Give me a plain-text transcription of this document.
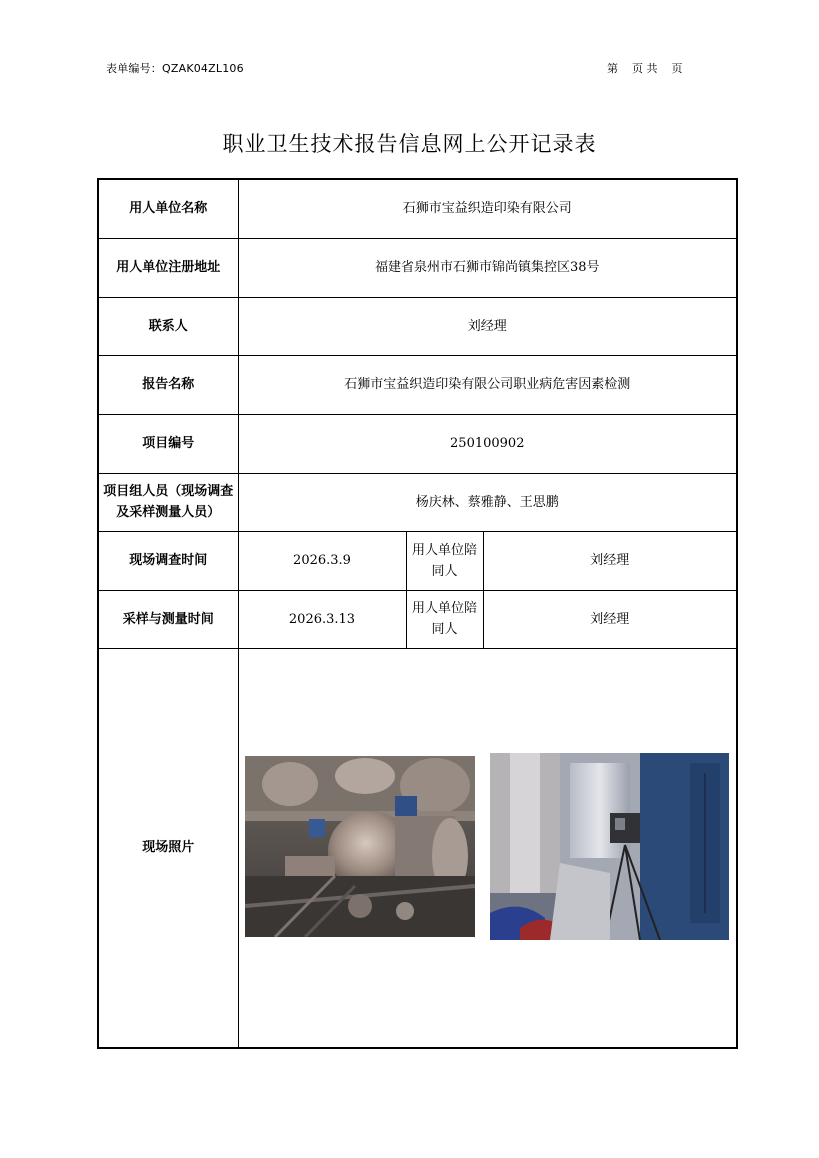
表单编号：QZAK04ZL106	第    页 共    页
职业卫生技术报告信息网上公开记录表
用人单位名称	石狮市宝益织造印染有限公司		
用人单位注册地址	福建省泉州市石狮市锦尚镇集控区38号		
联系人	刘经理		
报告名称	石狮市宝益织造印染有限公司职业病危害因素检测		
项目编号	250100902		
项目组人员（现场调查及采样测量人员）	杨庆林、蔡雅静、王思鹏		
现场调查时间	2026.3.9	用人单位陪同人	刘经理
采样与测量时间	2026.3.13	用人单位陪同人	刘经理
现场照片	
